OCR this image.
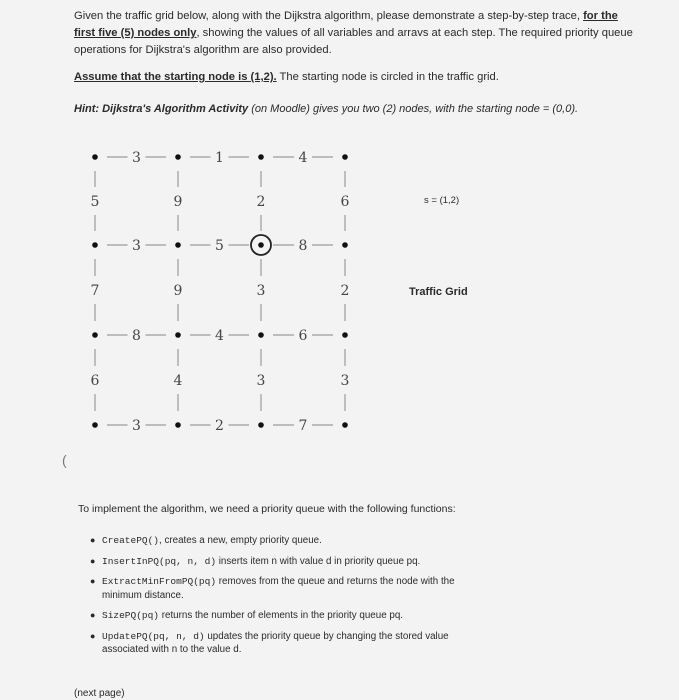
Given the traffic grid below, along with the Dijkstra algorithm, please demonstrate a step-by-step trace, for the first five (5) nodes only, showing the values of all variables and arravs at each step. The required priority queue operations for Dijkstra's algorithm are also provided.

Assume that the starting node is (1,2). The starting node is circled in the traffic grid.

Hint: Dijkstra's Algorithm Activity (on Moodle) gives you two (2) nodes, with the starting node = (0,0).

3	1	4
3	5	8
8	4	6
3	2	7
5	9	2	6
7	9	3	2
6	4	3	3
s = (1,2)
Traffic Grid
(

To implement the algorithm, we need a priority queue with the following functions:

● CreatePQ(), creates a new, empty priority queue.
● InsertInPQ(pq, n, d) inserts item n with value d in priority queue pq.
● ExtractMinFromPQ(pq) removes from the queue and returns the node with the minimum distance.
● SizePQ(pq) returns the number of elements in the priority queue pq.
● UpdatePQ(pq, n, d) updates the priority queue by changing the stored value associated with n to the value d.

(next page)
